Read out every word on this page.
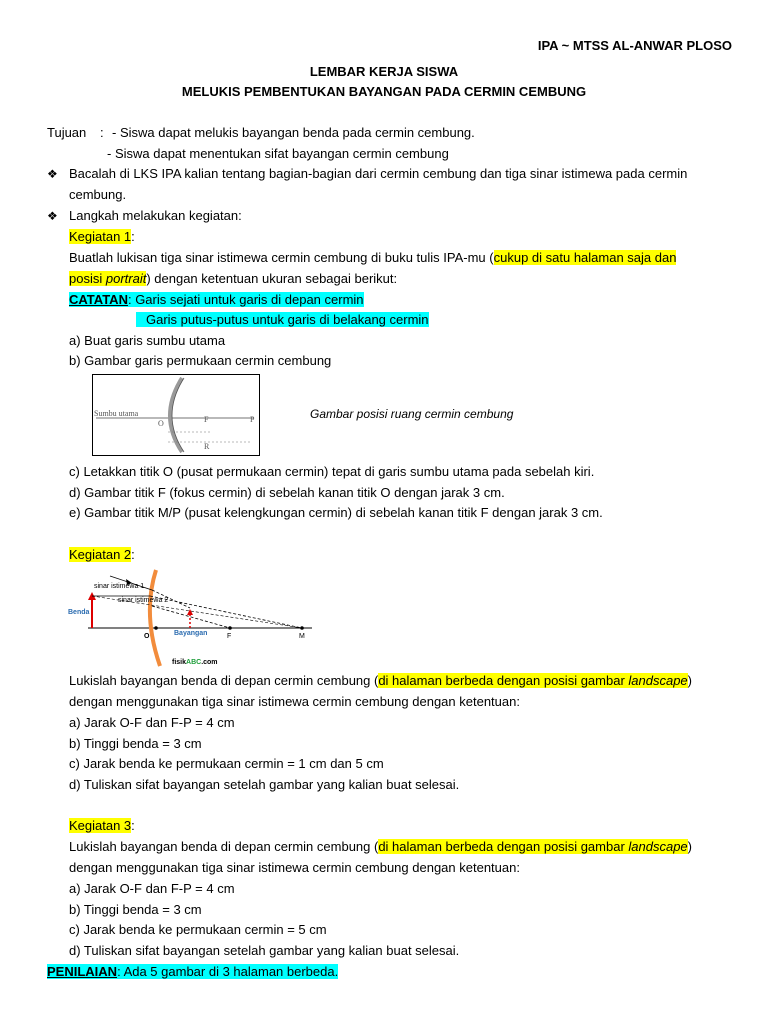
IPA ~ MTSS AL-ANWAR PLOSO
LEMBAR KERJA SISWA
MELUKIS PEMBENTUKAN BAYANGAN PADA CERMIN CEMBUNG
Tujuan : - Siswa dapat melukis bayangan benda pada cermin cembung.
- Siswa dapat menentukan sifat bayangan cermin cembung
❖ Bacalah di LKS IPA kalian tentang bagian-bagian dari cermin cembung dan tiga sinar istimewa pada cermin
cembung.
❖ Langkah melakukan kegiatan:
Kegiatan 1:
Buatlah lukisan tiga sinar istimewa cermin cembung di buku tulis IPA-mu (cukup di satu halaman saja dan
posisi portrait) dengan ketentuan ukuran sebagai berikut:
CATATAN: Garis sejati untuk garis di depan cermin
Garis putus-putus untuk garis di belakang cermin
a) Buat garis sumbu utama
b) Gambar garis permukaan cermin cembung
Sumbu utama
O	F	P
R
Gambar posisi ruang cermin cembung
c) Letakkan titik O (pusat permukaan cermin) tepat di garis sumbu utama pada sebelah kiri.
d) Gambar titik F (fokus cermin) di sebelah kanan titik O dengan jarak 3 cm.
e) Gambar titik M/P (pusat kelengkungan cermin) di sebelah kanan titik F dengan jarak 3 cm.
Kegiatan 2:
sinar istimewa 1
sinar istimewa 2
Benda
Bayangan
O	F	M
fisikABC.com
Lukislah bayangan benda di depan cermin cembung (di halaman berbeda dengan posisi gambar landscape)
dengan menggunakan tiga sinar istimewa cermin cembung dengan ketentuan:
a) Jarak O-F dan F-P = 4 cm
b) Tinggi benda = 3 cm
c) Jarak benda ke permukaan cermin = 1 cm dan 5 cm
d) Tuliskan sifat bayangan setelah gambar yang kalian buat selesai.
Kegiatan 3:
Lukislah bayangan benda di depan cermin cembung (di halaman berbeda dengan posisi gambar landscape)
dengan menggunakan tiga sinar istimewa cermin cembung dengan ketentuan:
a) Jarak O-F dan F-P = 4 cm
b) Tinggi benda = 3 cm
c) Jarak benda ke permukaan cermin = 5 cm
d) Tuliskan sifat bayangan setelah gambar yang kalian buat selesai.
PENILAIAN: Ada 5 gambar di 3 halaman berbeda.
